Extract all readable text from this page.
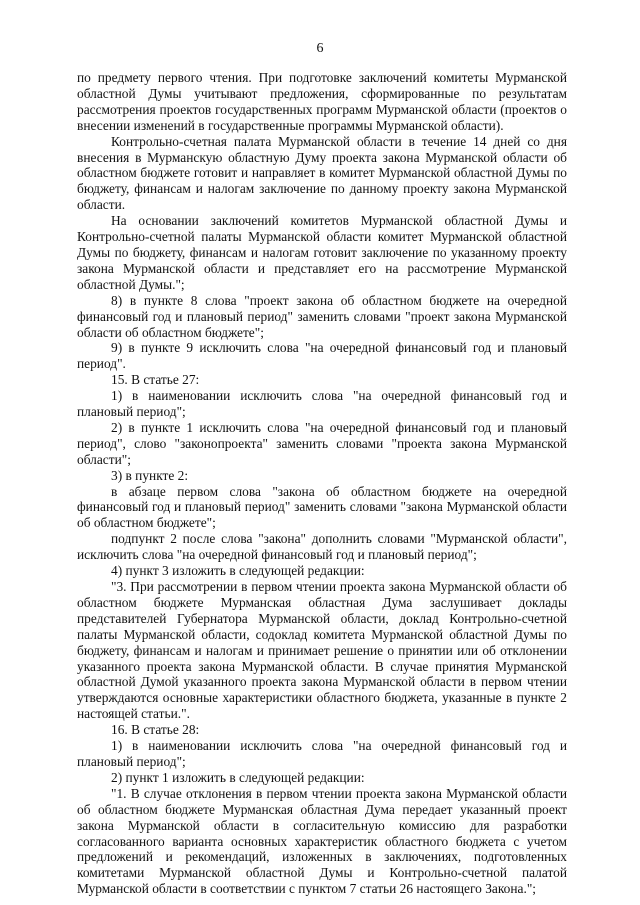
6

по предмету первого чтения. При подготовке заключений комитеты Мурманской областной Думы учитывают предложения, сформированные по результатам рассмотрения проектов государственных программ Мурманской области (проектов о внесении изменений в государственные программы Мурманской области).

Контрольно-счетная палата Мурманской области в течение 14 дней со дня внесения в Мурманскую областную Думу проекта закона Мурманской области об областном бюджете готовит и направляет в комитет Мурманской областной Думы по бюджету, финансам и налогам заключение по данному проекту закона Мурманской области.

На основании заключений комитетов Мурманской областной Думы и Контрольно-счетной палаты Мурманской области комитет Мурманской областной Думы по бюджету, финансам и налогам готовит заключение по указанному проекту закона Мурманской области и представляет его на рассмотрение Мурманской областной Думы.";

8) в пункте 8 слова "проект закона об областном бюджете на очередной финансовый год и плановый период" заменить словами "проект закона Мурманской области об областном бюджете";

9) в пункте 9 исключить слова "на очередной финансовый год и плановый период".

15. В статье 27:

1) в наименовании исключить слова "на очередной финансовый год и плановый период";

2) в пункте 1 исключить слова "на очередной финансовый год и плановый период", слово "законопроекта" заменить словами "проекта закона Мурманской области";

3) в пункте 2:

в абзаце первом слова "закона об областном бюджете на очередной финансовый год и плановый период" заменить словами "закона Мурманской области об областном бюджете";

подпункт 2 после слова "закона" дополнить словами "Мурманской области", исключить слова "на очередной финансовый год и плановый период";

4) пункт 3 изложить в следующей редакции:

"3. При рассмотрении в первом чтении проекта закона Мурманской области об областном бюджете Мурманская областная Дума заслушивает доклады представителей Губернатора Мурманской области, доклад Контрольно-счетной палаты Мурманской области, содоклад комитета Мурманской областной Думы по бюджету, финансам и налогам и принимает решение о принятии или об отклонении указанного проекта закона Мурманской области. В случае принятия Мурманской областной Думой указанного проекта закона Мурманской области в первом чтении утверждаются основные характеристики областного бюджета, указанные в пункте 2 настоящей статьи.".

16. В статье 28:

1) в наименовании исключить слова "на очередной финансовый год и плановый период";

2) пункт 1 изложить в следующей редакции:

"1. В случае отклонения в первом чтении проекта закона Мурманской области об областном бюджете Мурманская областная Дума передает указанный проект закона Мурманской области в согласительную комиссию для разработки согласованного варианта основных характеристик областного бюджета с учетом предложений и рекомендаций, изложенных в заключениях, подготовленных комитетами Мурманской областной Думы и Контрольно-счетной палатой Мурманской области в соответствии с пунктом 7 статьи 26 настоящего Закона.";
